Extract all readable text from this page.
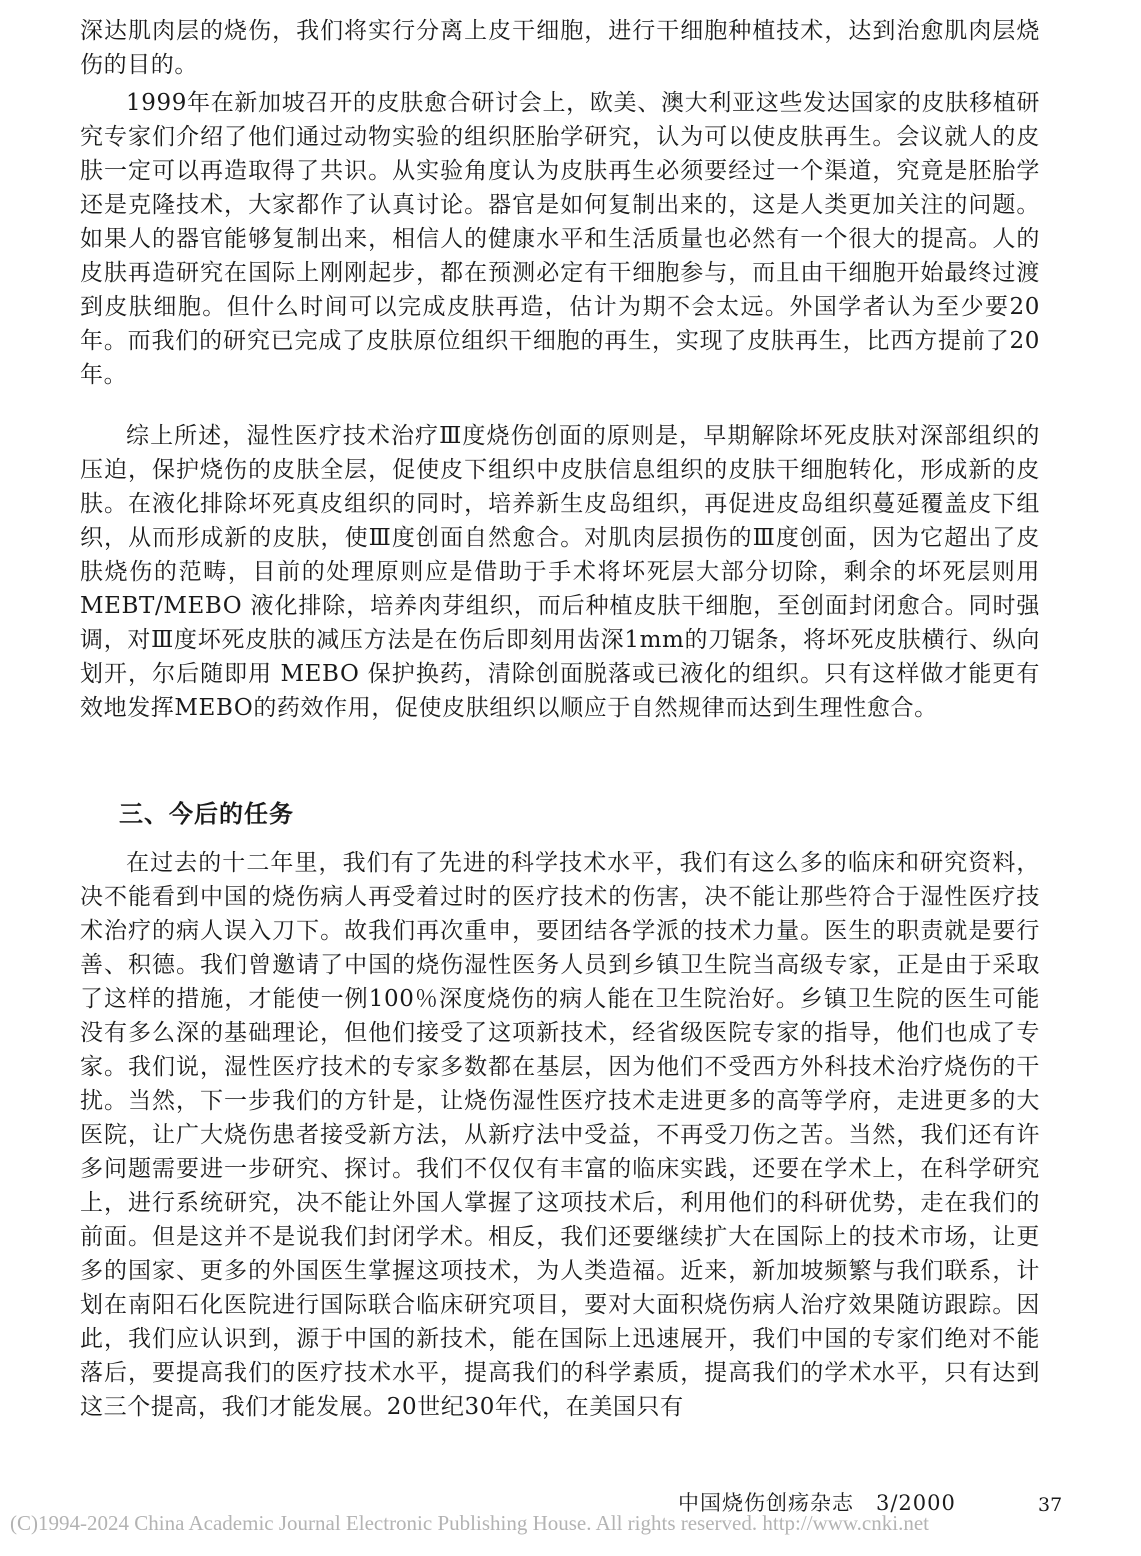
深达肌肉层的烧伤，我们将实行分离上皮干细胞，进行干细胞种植技术，达到治愈肌肉层烧伤的目的。

1999年在新加坡召开的皮肤愈合研讨会上，欧美、澳大利亚这些发达国家的皮肤移植研究专家们介绍了他们通过动物实验的组织胚胎学研究，认为可以使皮肤再生。会议就人的皮肤一定可以再造取得了共识。从实验角度认为皮肤再生必须要经过一个渠道，究竟是胚胎学还是克隆技术，大家都作了认真讨论。器官是如何复制出来的，这是人类更加关注的问题。如果人的器官能够复制出来，相信人的健康水平和生活质量也必然有一个很大的提高。人的皮肤再造研究在国际上刚刚起步，都在预测必定有干细胞参与，而且由干细胞开始最终过渡到皮肤细胞。但什么时间可以完成皮肤再造，估计为期不会太远。外国学者认为至少要20年。而我们的研究已完成了皮肤原位组织干细胞的再生，实现了皮肤再生，比西方提前了20年。

综上所述，湿性医疗技术治疗Ⅲ度烧伤创面的原则是，早期解除坏死皮肤对深部组织的压迫，保护烧伤的皮肤全层，促使皮下组织中皮肤信息组织的皮肤干细胞转化，形成新的皮肤。在液化排除坏死真皮组织的同时，培养新生皮岛组织，再促进皮岛组织蔓延覆盖皮下组织，从而形成新的皮肤，使Ⅲ度创面自然愈合。对肌肉层损伤的Ⅲ度创面，因为它超出了皮肤烧伤的范畴，目前的处理原则应是借助于手术将坏死层大部分切除，剩余的坏死层则用 MEBT/MEBO 液化排除，培养肉芽组织，而后种植皮肤干细胞，至创面封闭愈合。同时强调，对Ⅲ度坏死皮肤的减压方法是在伤后即刻用齿深1mm的刀锯条，将坏死皮肤横行、纵向划开，尔后随即用 MEBO 保护换药，清除创面脱落或已液化的组织。只有这样做才能更有效地发挥MEBO的药效作用，促使皮肤组织以顺应于自然规律而达到生理性愈合。

三、今后的任务

在过去的十二年里，我们有了先进的科学技术水平，我们有这么多的临床和研究资料，决不能看到中国的烧伤病人再受着过时的医疗技术的伤害，决不能让那些符合于湿性医疗技术治疗的病人误入刀下。故我们再次重申，要团结各学派的技术力量。医生的职责就是要行善、积德。我们曾邀请了中国的烧伤湿性医务人员到乡镇卫生院当高级专家，正是由于采取了这样的措施，才能使一例100％深度烧伤的病人能在卫生院治好。乡镇卫生院的医生可能没有多么深的基础理论，但他们接受了这项新技术，经省级医院专家的指导，他们也成了专家。我们说，湿性医疗技术的专家多数都在基层，因为他们不受西方外科技术治疗烧伤的干扰。当然，下一步我们的方针是，让烧伤湿性医疗技术走进更多的高等学府，走进更多的大医院，让广大烧伤患者接受新方法，从新疗法中受益，不再受刀伤之苦。当然，我们还有许多问题需要进一步研究、探讨。我们不仅仅有丰富的临床实践，还要在学术上，在科学研究上，进行系统研究，决不能让外国人掌握了这项技术后，利用他们的科研优势，走在我们的前面。但是这并不是说我们封闭学术。相反，我们还要继续扩大在国际上的技术市场，让更多的国家、更多的外国医生掌握这项技术，为人类造福。近来，新加坡频繁与我们联系，计划在南阳石化医院进行国际联合临床研究项目，要对大面积烧伤病人治疗效果随访跟踪。因此，我们应认识到，源于中国的新技术，能在国际上迅速展开，我们中国的专家们绝对不能落后，要提高我们的医疗技术水平，提高我们的科学素质，提高我们的学术水平，只有达到这三个提高，我们才能发展。20世纪30年代，在美国只有

中国烧伤创疡杂志　3/2000	37
(C)1994-2024 China Academic Journal Electronic Publishing House. All rights reserved. http://www.cnki.net
